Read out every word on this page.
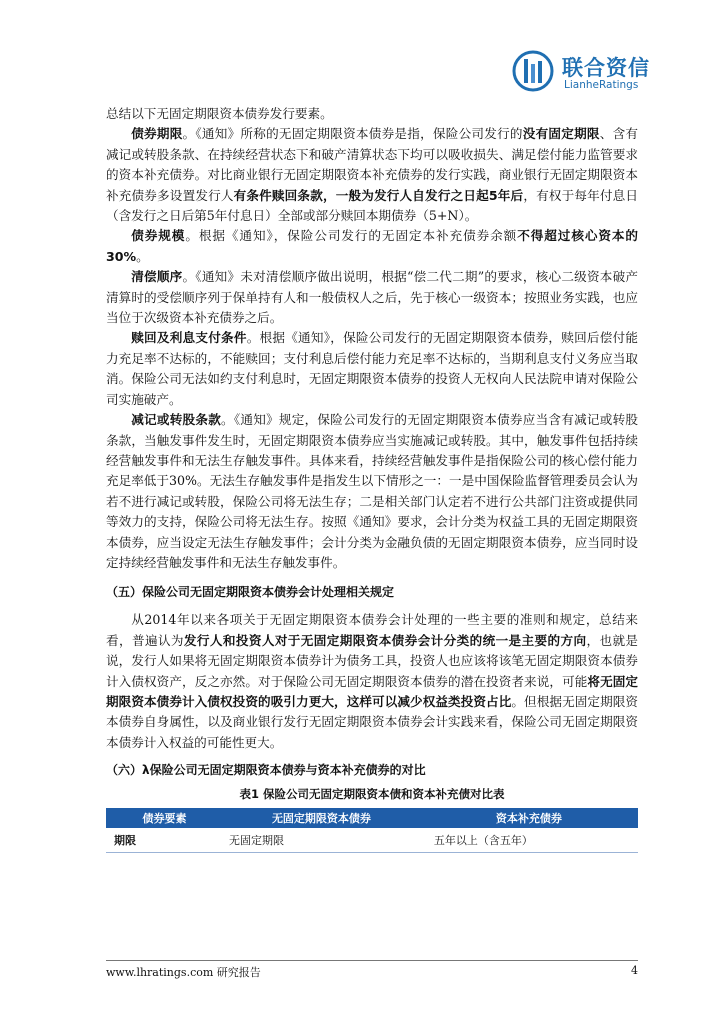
联合资信
LianheRatings

总结以下无固定期限资本债券发行要素。

债券期限。《通知》所称的无固定期限资本债券是指，保险公司发行的没有固定期限、含有减记或转股条款、在持续经营状态下和破产清算状态下均可以吸收损失、满足偿付能力监管要求的资本补充债券。对比商业银行无固定期限资本补充债券的发行实践，商业银行无固定期限资本补充债券多设置发行人有条件赎回条款，一般为发行人自发行之日起5年后，有权于每年付息日（含发行之日后第5年付息日）全部或部分赎回本期债券（5+N）。

债券规模。根据《通知》，保险公司发行的无固定本补充债券余额不得超过核心资本的30%。

清偿顺序。《通知》未对清偿顺序做出说明，根据“偿二代二期”的要求，核心二级资本破产清算时的受偿顺序列于保单持有人和一般债权人之后，先于核心一级资本；按照业务实践，也应当位于次级资本补充债券之后。

赎回及利息支付条件。根据《通知》，保险公司发行的无固定期限资本债券，赎回后偿付能力充足率不达标的，不能赎回；支付利息后偿付能力充足率不达标的，当期利息支付义务应当取消。保险公司无法如约支付利息时，无固定期限资本债券的投资人无权向人民法院申请对保险公司实施破产。

减记或转股条款。《通知》规定，保险公司发行的无固定期限资本债券应当含有减记或转股条款，当触发事件发生时，无固定期限资本债券应当实施减记或转股。其中，触发事件包括持续经营触发事件和无法生存触发事件。具体来看，持续经营触发事件是指保险公司的核心偿付能力充足率低于30%。无法生存触发事件是指发生以下情形之一：一是中国保险监督管理委员会认为若不进行减记或转股，保险公司将无法生存；二是相关部门认定若不进行公共部门注资或提供同等效力的支持，保险公司将无法生存。按照《通知》要求，会计分类为权益工具的无固定期限资本债券，应当设定无法生存触发事件；会计分类为金融负债的无固定期限资本债券，应当同时设定持续经营触发事件和无法生存触发事件。

（五）保险公司无固定期限资本债券会计处理相关规定

从2014年以来各项关于无固定期限资本债券会计处理的一些主要的准则和规定，总结来看，普遍认为发行人和投资人对于无固定期限资本债券会计分类的统一是主要的方向，也就是说，发行人如果将无固定期限资本债券计为债务工具，投资人也应该将该笔无固定期限资本债券计入债权资产，反之亦然。对于保险公司无固定期限资本债券的潜在投资者来说，可能将无固定期限资本债券计入债权投资的吸引力更大，这样可以减少权益类投资占比。但根据无固定期限资本债券自身属性，以及商业银行发行无固定期限资本债券会计实践来看，保险公司无固定期限资本债券计入权益的可能性更大。

（六）λ保险公司无固定期限资本债券与资本补充债券的对比
表1 保险公司无固定期限资本债和资本补充债对比表
债券要素	无固定期限资本债券	资本补充债券
期限	无固定期限	五年以上（含五年）
www.lhratings.com 研究报告	4
